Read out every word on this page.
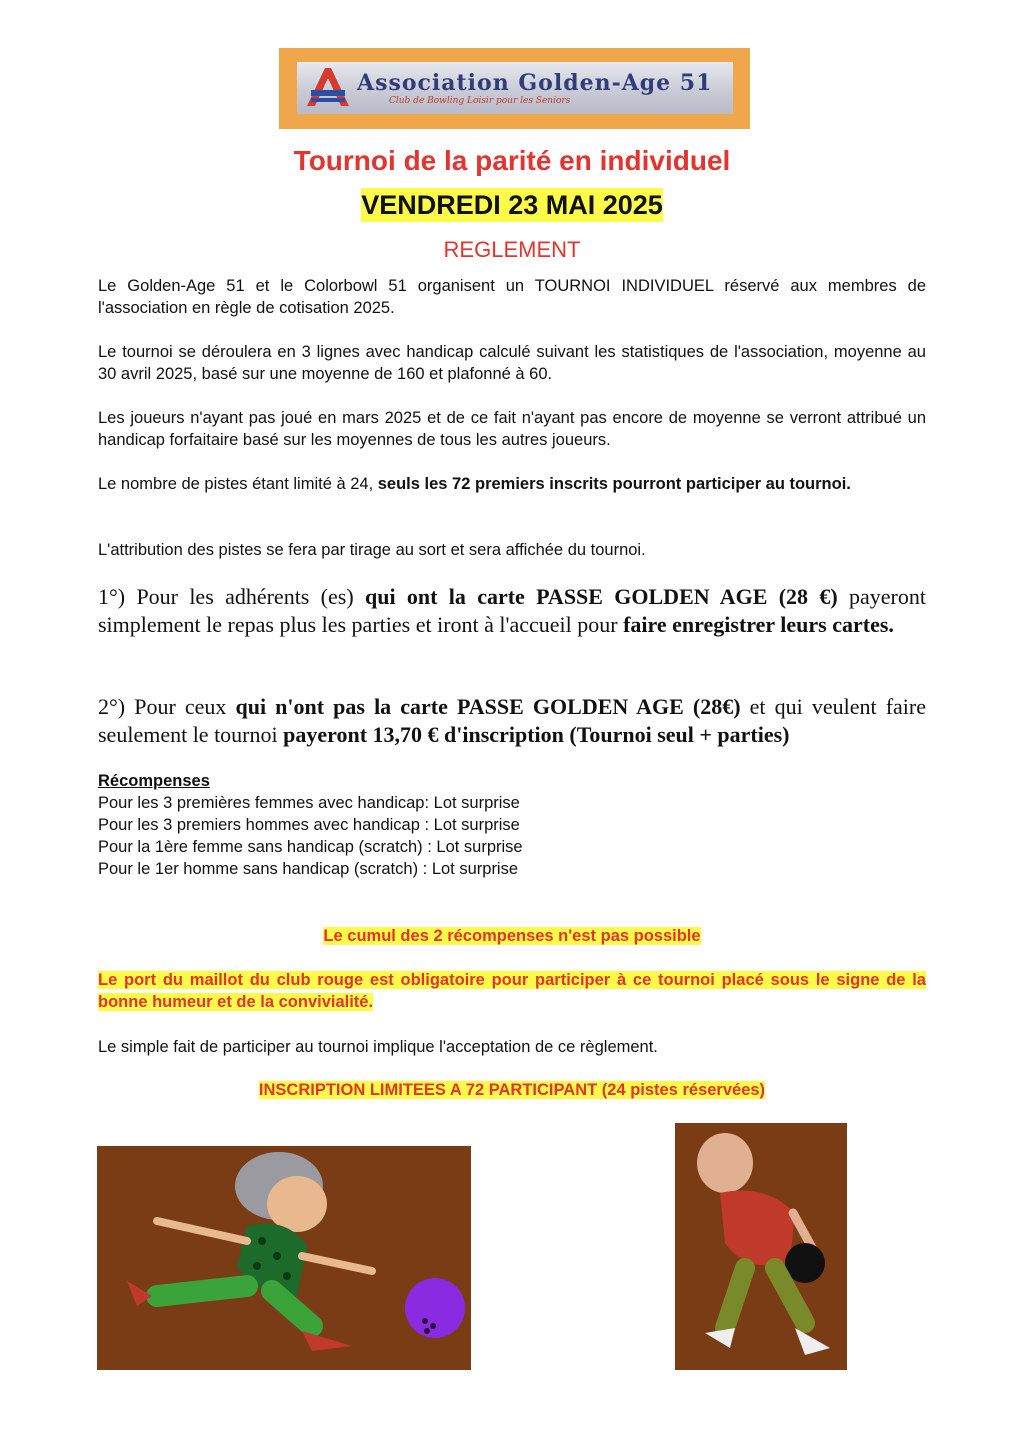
Association Golden-Age 51
Club de Bowling Loisir pour les Seniors
Tournoi de la parité en individuel
VENDREDI 23 MAI 2025
REGLEMENT
Le Golden-Age 51 et le Colorbowl 51 organisent un TOURNOI INDIVIDUEL réservé aux membres de l'association en règle de cotisation 2025.
Le tournoi se déroulera en 3 lignes avec handicap calculé suivant les statistiques de l'association, moyenne au 30 avril 2025, basé sur une moyenne de 160 et plafonné à 60.
Les joueurs n'ayant pas joué en mars 2025 et de ce fait n'ayant pas encore de moyenne se verront attribué un handicap forfaitaire basé sur les moyennes de tous les autres joueurs.
Le nombre de pistes étant limité à 24, seuls les 72 premiers inscrits pourront participer au tournoi.
L'attribution des pistes se fera par tirage au sort et sera affichée du tournoi.
1°) Pour les adhérents (es) qui ont la carte PASSE GOLDEN AGE (28 €) payeront simplement le repas plus les parties et iront à l'accueil pour faire enregistrer leurs cartes.
2°) Pour ceux qui n'ont pas la carte PASSE GOLDEN AGE (28€) et qui veulent faire seulement le tournoi payeront 13,70 € d'inscription (Tournoi seul + parties)
Récompenses
Pour les 3 premières femmes avec handicap: Lot surprise
Pour les 3 premiers hommes avec handicap : Lot surprise
Pour la 1ère femme sans handicap (scratch) : Lot surprise
Pour le 1er homme sans handicap (scratch) : Lot surprise
Le cumul des 2 récompenses n'est pas possible
Le port du maillot du club rouge est obligatoire pour participer à ce tournoi placé sous le signe de la bonne humeur et de la convivialité.
Le simple fait de participer au tournoi implique l'acceptation de ce règlement.
INSCRIPTION LIMITEES A 72 PARTICIPANT (24 pistes réservées)
